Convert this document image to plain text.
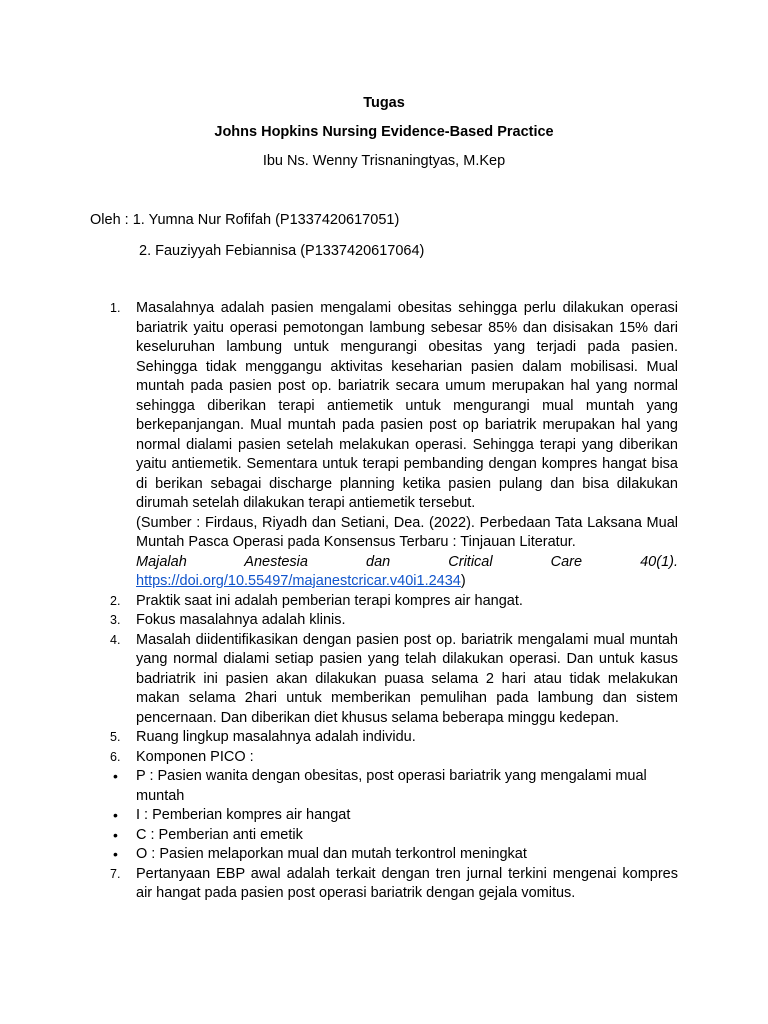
Tugas
Johns Hopkins Nursing Evidence-Based Practice
Ibu Ns. Wenny Trisnaningtyas, M.Kep
Oleh : 1. Yumna Nur Rofifah (P1337420617051)
2. Fauziyyah Febiannisa (P1337420617064)
1.	Masalahnya adalah pasien mengalami obesitas sehingga perlu dilakukan operasi bariatrik yaitu operasi pemotongan lambung sebesar 85% dan disisakan 15% dari keseluruhan lambung untuk mengurangi obesitas yang terjadi pada pasien. Sehingga tidak menggangu aktivitas keseharian pasien dalam mobilisasi. Mual muntah pada pasien post op. bariatrik secara umum merupakan hal yang normal sehingga diberikan terapi antiemetik untuk mengurangi mual muntah yang berkepanjangan. Mual muntah pada pasien post op bariatrik merupakan hal yang normal dialami pasien setelah melakukan operasi. Sehingga terapi yang diberikan yaitu antiemetik. Sementara untuk terapi pembanding dengan kompres hangat bisa di berikan sebagai discharge planning ketika pasien pulang dan bisa dilakukan dirumah setelah dilakukan terapi antiemetik tersebut.
(Sumber : Firdaus, Riyadh dan Setiani, Dea. (2022). Perbedaan Tata Laksana Mual Muntah Pasca Operasi pada Konsensus Terbaru : Tinjauan Literatur.
Majalah Anestesia dan Critical Care 40(1).
https://doi.org/10.55497/majanestcricar.v40i1.2434)
2.	Praktik saat ini adalah pemberian terapi kompres air hangat.
3.	Fokus masalahnya adalah klinis.
4.	Masalah diidentifikasikan dengan pasien post op. bariatrik mengalami mual muntah yang normal dialami setiap pasien yang telah dilakukan operasi. Dan untuk kasus badriatrik ini pasien akan dilakukan puasa selama 2 hari atau tidak melakukan makan selama 2hari untuk memberikan pemulihan pada lambung dan sistem pencernaan. Dan diberikan diet khusus selama beberapa minggu kedepan.
5.	Ruang lingkup masalahnya adalah individu.
6.	Komponen PICO :
• P : Pasien wanita dengan obesitas, post operasi bariatrik yang mengalami mual muntah
• I : Pemberian kompres air hangat
• C : Pemberian anti emetik
• O : Pasien melaporkan mual dan mutah terkontrol meningkat
7.	Pertanyaan EBP awal adalah terkait dengan tren jurnal terkini mengenai kompres air hangat pada pasien post operasi bariatrik dengan gejala vomitus.
